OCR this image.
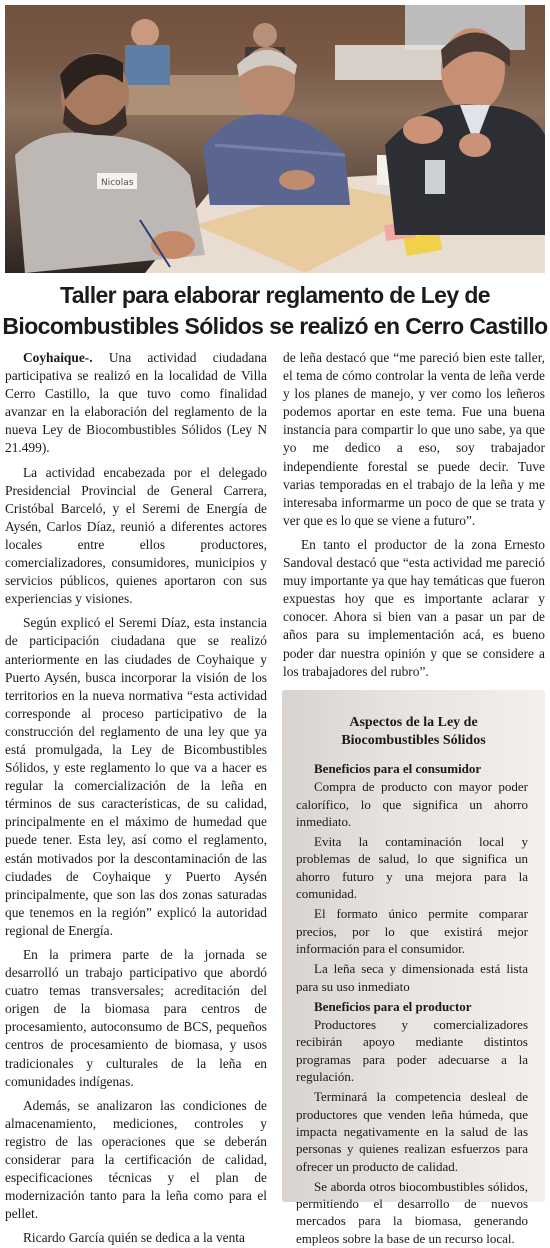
Nicolas
Taller para elaborar reglamento de Ley de
Biocombustibles Sólidos se realizó en Cerro Castillo

Coyhaique-. Una actividad ciudadana participativa se realizó en la localidad de Villa Cerro Castillo, la que tuvo como finalidad avanzar en la elaboración del reglamento de la nueva Ley de Biocombustibles Sólidos (Ley N 21.499).

La actividad encabezada por el delegado Presidencial Provincial de General Carrera, Cristóbal Barceló, y el Seremi de Energía de Aysén, Carlos Díaz, reunió a diferentes actores locales entre ellos productores, comercializadores, consumidores, municipios y servicios públicos, quienes aportaron con sus experiencias y visiones.

Según explicó el Seremi Díaz, esta instancia de participación ciudadana que se realizó anteriormente en las ciudades de Coyhaique y Puerto Aysén, busca incorporar la visión de los territorios en la nueva normativa “esta actividad corresponde al proceso participativo de la construcción del reglamento de una ley que ya está promulgada, la Ley de Bicombustibles Sólidos, y este reglamento lo que va a hacer es regular la comercialización de la leña en términos de sus características, de su calidad, principalmente en el máximo de humedad que puede tener. Esta ley, así como el reglamento, están motivados por la descontaminación de las ciudades de Coyhaique y Puerto Aysén principalmente, que son las dos zonas saturadas que tenemos en la región” explicó la autoridad regional de Energía.

En la primera parte de la jornada se desarrolló un trabajo participativo que abordó cuatro temas transversales; acreditación del origen de la biomasa para centros de procesamiento, autoconsumo de BCS, pequeños centros de procesamiento de biomasa, y usos tradicionales y culturales de la leña en comunidades indígenas.

Además, se analizaron las condiciones de almacenamiento, mediciones, controles y registro de las operaciones que se deberán considerar para la certificación de calidad, especificaciones técnicas y el plan de modernización tanto para la leña como para el pellet.

Ricardo García quién se dedica a la venta

de leña destacó que “me pareció bien este taller, el tema de cómo controlar la venta de leña verde y los planes de manejo, y ver como los leñeros podemos aportar en este tema. Fue una buena instancia para compartir lo que uno sabe, ya que yo me dedico a eso, soy trabajador independiente forestal se puede decir. Tuve varias temporadas en el trabajo de la leña y me interesaba informarme un poco de que se trata y ver que es lo que se viene a futuro”.

En tanto el productor de la zona Ernesto Sandoval destacó que “esta actividad me pareció muy importante ya que hay temáticas que fueron expuestas hoy que es importante aclarar y conocer. Ahora si bien van a pasar un par de años para su implementación acá, es bueno poder dar nuestra opinión y que se considere a los trabajadores del rubro”.

Aspectos de la Ley de
Biocombustibles Sólidos
Beneficios para el consumidor

Compra de producto con mayor poder calorífico, lo que significa un ahorro inmediato.

Evita la contaminación local y problemas de salud, lo que significa un ahorro futuro y una mejora para la comunidad.

El formato único permite comparar precios, por lo que existirá mejor información para el consumidor.

La leña seca y dimensionada está lista para su uso inmediato

Beneficios para el productor

Productores y comercializadores recibirán apoyo mediante distintos programas para poder adecuarse a la regulación.

Terminará la competencia desleal de productores que venden leña húmeda, que impacta negativamente en la salud de las personas y quienes realizan esfuerzos para ofrecer un producto de calidad.

Se aborda otros biocombustibles sólidos, permitiendo el desarrollo de nuevos mercados para la biomasa, generando empleos sobre la base de un recurso local.
